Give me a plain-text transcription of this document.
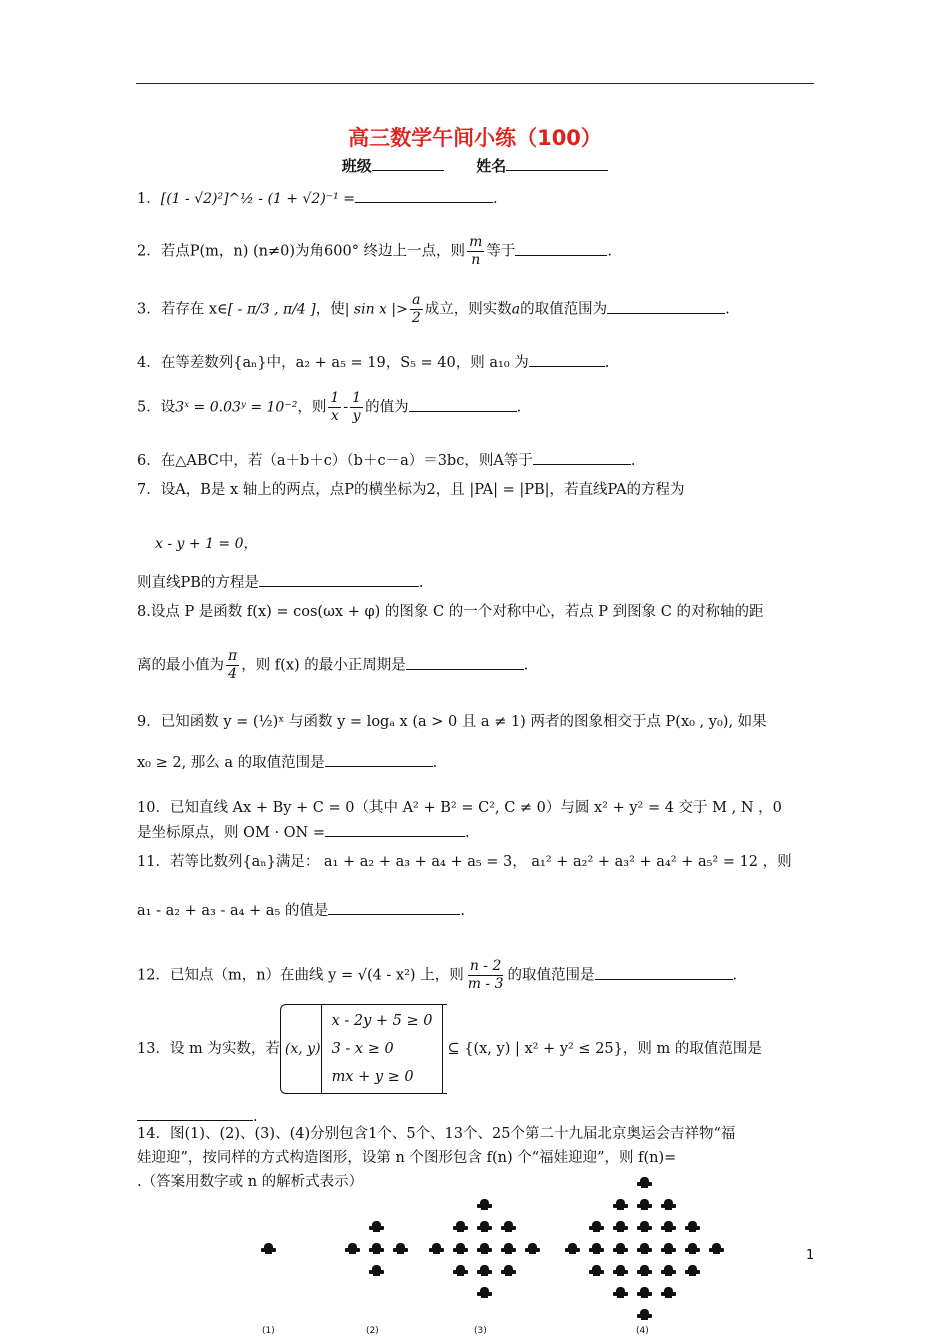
高三数学午间小练（100）
班级	姓名
1．[(1 - √2)²]^½ - (1 + √2)⁻¹ =	.
2．若点P(m，n) (n≠0)为角600° 终边上一点，则 $\frac{m}{n}$ 等于	.
3．若存在 x∈[ - π/3 , π/4 ]，使| sin x |> $\frac{a}{2}$ 成立，则实数a的取值范围为	.
4．在等差数列{aₙ}中，a₂ + a₅ = 19，S₅ = 40，则 a₁₀ 为	.
5．设3ˣ = 0.03ʸ = 10⁻²，则 $\frac{1}{x} - \frac{1}{y}$ 的值为	.
6．在△ABC中，若（a＋b＋c）（b＋c－a）＝3bc，则A等于	.
7．设A，B是 x 轴上的两点，点P的横坐标为2，且 |PA| = |PB|，若直线PA的方程为
x - y + 1 = 0，
则直线PB的方程是	.
8.设点 P 是函数 f(x) = cos(ωx + φ) 的图象 C 的一个对称中心，若点 P 到图象 C 的对称轴的距
离的最小值为 $\frac{\pi}{4}$ ，则 f(x) 的最小正周期是	.
9．已知函数 y = (½)ˣ 与函数 y = logₐ x (a > 0 且 a ≠ 1) 两者的图象相交于点 P(x₀ , y₀), 如果
x₀ ≥ 2, 那么 a 的取值范围是	.
10．已知直线 Ax + By + C = 0（其中 A² + B² = C², C ≠ 0）与圆 x² + y² = 4 交于 M , N ，0
是坐标原点，则 OM · ON =	.
11．若等比数列{aₙ}满足： a₁ + a₂ + a₃ + a₄ + a₅ = 3， a₁² + a₂² + a₃² + a₄² + a₅² = 12 ，则
a₁ - a₂ + a₃ - a₄ + a₅ 的值是	.
12．已知点（m，n）在曲线 y = √(4 - x²) 上，则 $\frac{n - 2}{m - 3}$ 的取值范围是	.
13．设 m 为实数，若 (x, y)
x - 2y + 5 ≥ 0
3 - x ≥ 0
mx + y ≥ 0
⊆ {(x, y) | x² + y² ≤ 25}，则 m 的取值范围是
.
14．图(1)、(2)、(3)、(4)分别包含1个、5个、13个、25个第二十九届北京奥运会吉祥物“福
娃迎迎”，按同样的方式构造图形，设第 n 个图形包含 f(n) 个“福娃迎迎”，则 f(n)=
.（答案用数字或 n 的解析式表示）
(1)	(2)	(3)	(4)
1
